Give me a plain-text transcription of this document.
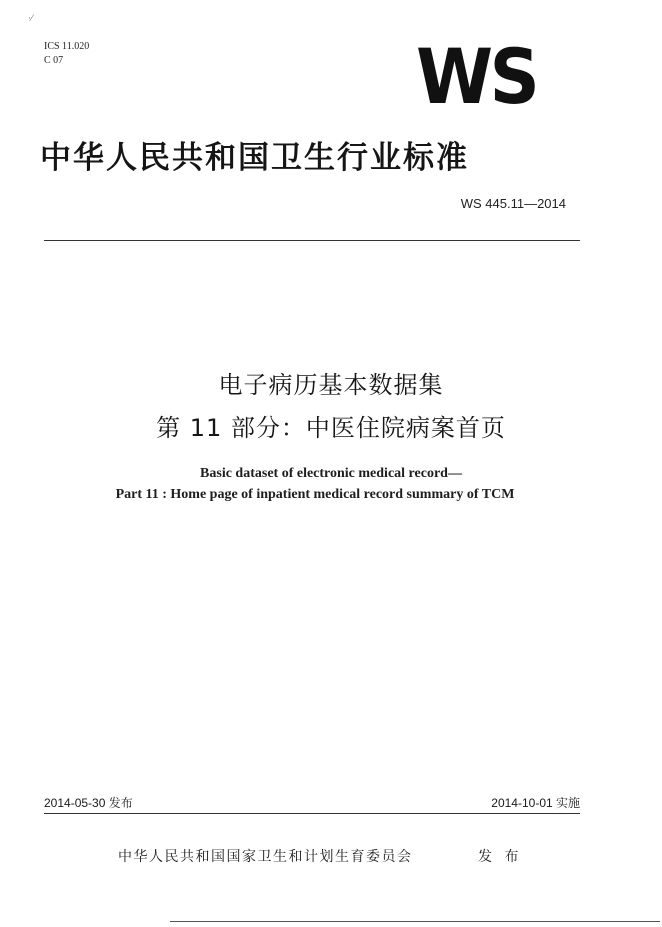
·⁄
ICS 11.020
C 07	WS
中华人民共和国卫生行业标准
WS 445.11—2014
电子病历基本数据集
第 11 部分：中医住院病案首页
Basic dataset of electronic medical record—
Part 11 : Home page of inpatient medical record summary of TCM
2014-05-30 发布	2014-10-01 实施
中华人民共和国国家卫生和计划生育委员会	发 布
